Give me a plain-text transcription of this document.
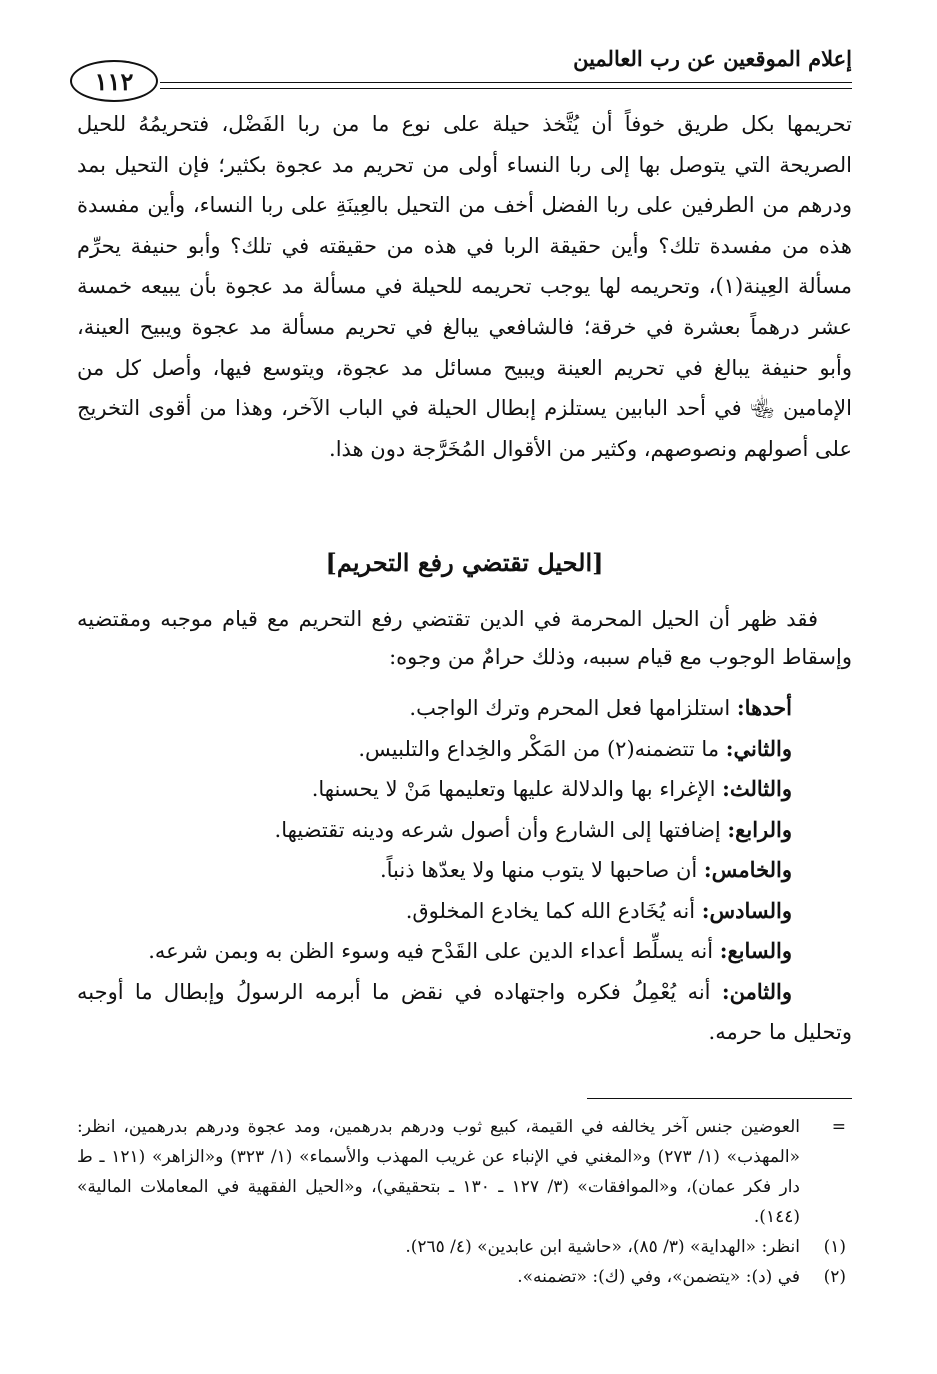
إعلام الموقعين عن رب العالمين
١١٢

تحريمها بكل طريق خوفاً أن يُتَّخذ حيلة على نوع ما من ربا الفَضْل، فتحريمُهُ للحيل الصريحة التي يتوصل بها إلى ربا النساء أولى من تحريم مد عجوة بكثير؛ فإن التحيل بمد ودرهم من الطرفين على ربا الفضل أخف من التحيل بالعِينَةِ على ربا النساء، وأين مفسدة هذه من مفسدة تلك؟ وأين حقيقة الربا في هذه من حقيقته في تلك؟ وأبو حنيفة يحرِّم مسألة العِينة(١)، وتحريمه لها يوجب تحريمه للحيلة في مسألة مد عجوة بأن يبيعه خمسة عشر درهماً بعشرة في خرقة؛ فالشافعي يبالغ في تحريم مسألة مد عجوة ويبيح العينة، وأبو حنيفة يبالغ في تحريم العينة ويبيح مسائل مد عجوة، ويتوسع فيها، وأصل كل من الإمامين ﵄ في أحد البابين يستلزم إبطال الحيلة في الباب الآخر، وهذا من أقوى التخريج على أصولهم ونصوصهم، وكثير من الأقوال المُخَرَّجة دون هذا.

[الحيل تقتضي رفع التحريم]
فقد ظهر أن الحيل المحرمة في الدين تقتضي رفع التحريم مع قيام موجبه ومقتضيه وإسقاط الوجوب مع قيام سببه، وذلك حرامٌ من وجوه:
أحدها: استلزامها فعل المحرم وترك الواجب.
والثاني: ما تتضمنه(٢) من المَكْر والخِداع والتلبيس.
والثالث: الإغراء بها والدلالة عليها وتعليمها مَنْ لا يحسنها.
والرابع: إضافتها إلى الشارع وأن أصول شرعه ودينه تقتضيها.
والخامس: أن صاحبها لا يتوب منها ولا يعدّها ذنباً.
والسادس: أنه يُخَادع الله كما يخادع المخلوق.
والسابع: أنه يسلِّط أعداء الدين على القَدْح فيه وسوء الظن به وبمن شرعه.
والثامن: أنه يُعْمِلُ فكره واجتهاده في نقض ما أبرمه الرسولُ وإبطال ما أوجبه وتحليل ما حرمه.

=
العوضين جنس آخر يخالفه في القيمة، كبيع ثوب ودرهم بدرهمين، ومد عجوة ودرهم بدرهمين، انظر: «المهذب» (١/ ٢٧٣) و«المغني في الإنباء عن غريب المهذب والأسماء» (١/ ٣٢٣) و«الزاهر» (١٢١ ـ ط دار فكر عمان)، و«الموافقات» (٣/ ١٢٧ ـ ١٣٠ ـ بتحقيقي)، و«الحيل الفقهية في المعاملات المالية» (١٤٤).

(١)
انظر: «الهداية» (٣/ ٨٥)، «حاشية ابن عابدين» (٤/ ٢٦٥).

(٢)
في (د): «يتضمن»، وفي (ك): «تضمنه».
